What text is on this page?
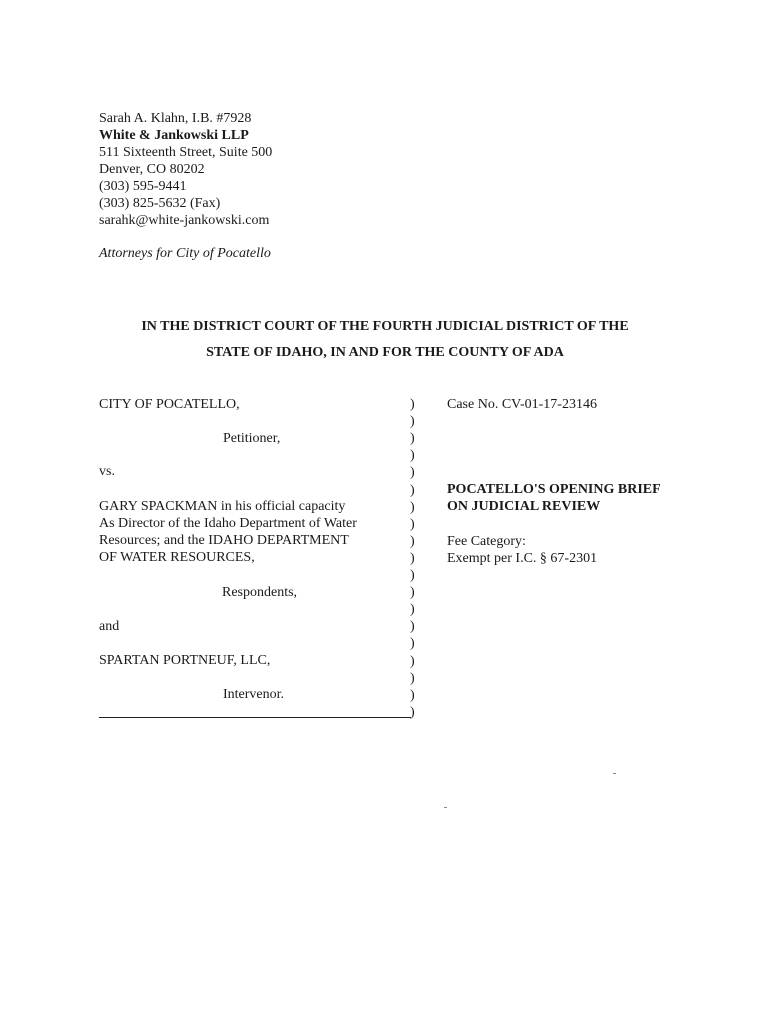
Sarah A. Klahn, I.B. #7928
White & Jankowski LLP
511 Sixteenth Street, Suite 500
Denver, CO 80202
(303) 595-9441
(303) 825-5632 (Fax)
sarahk@white-jankowski.com
Attorneys for City of Pocatello
IN THE DISTRICT COURT OF THE FOURTH JUDICIAL DISTRICT OF THE
STATE OF IDAHO, IN AND FOR THE COUNTY OF ADA
CITY OF POCATELLO,
Petitioner,
vs.
GARY SPACKMAN in his official capacity
As Director of the Idaho Department of Water
Resources; and the IDAHO DEPARTMENT
OF WATER RESOURCES,
Respondents,
and
SPARTAN PORTNEUF, LLC,
Intervenor.
)
)
)
)
)
)
)
)
)
)
)
)
)
)
)
)
)
)
)
Case No. CV-01-17-23146
POCATELLO'S OPENING BRIEF
ON JUDICIAL REVIEW
Fee Category:
Exempt per I.C. § 67-2301
